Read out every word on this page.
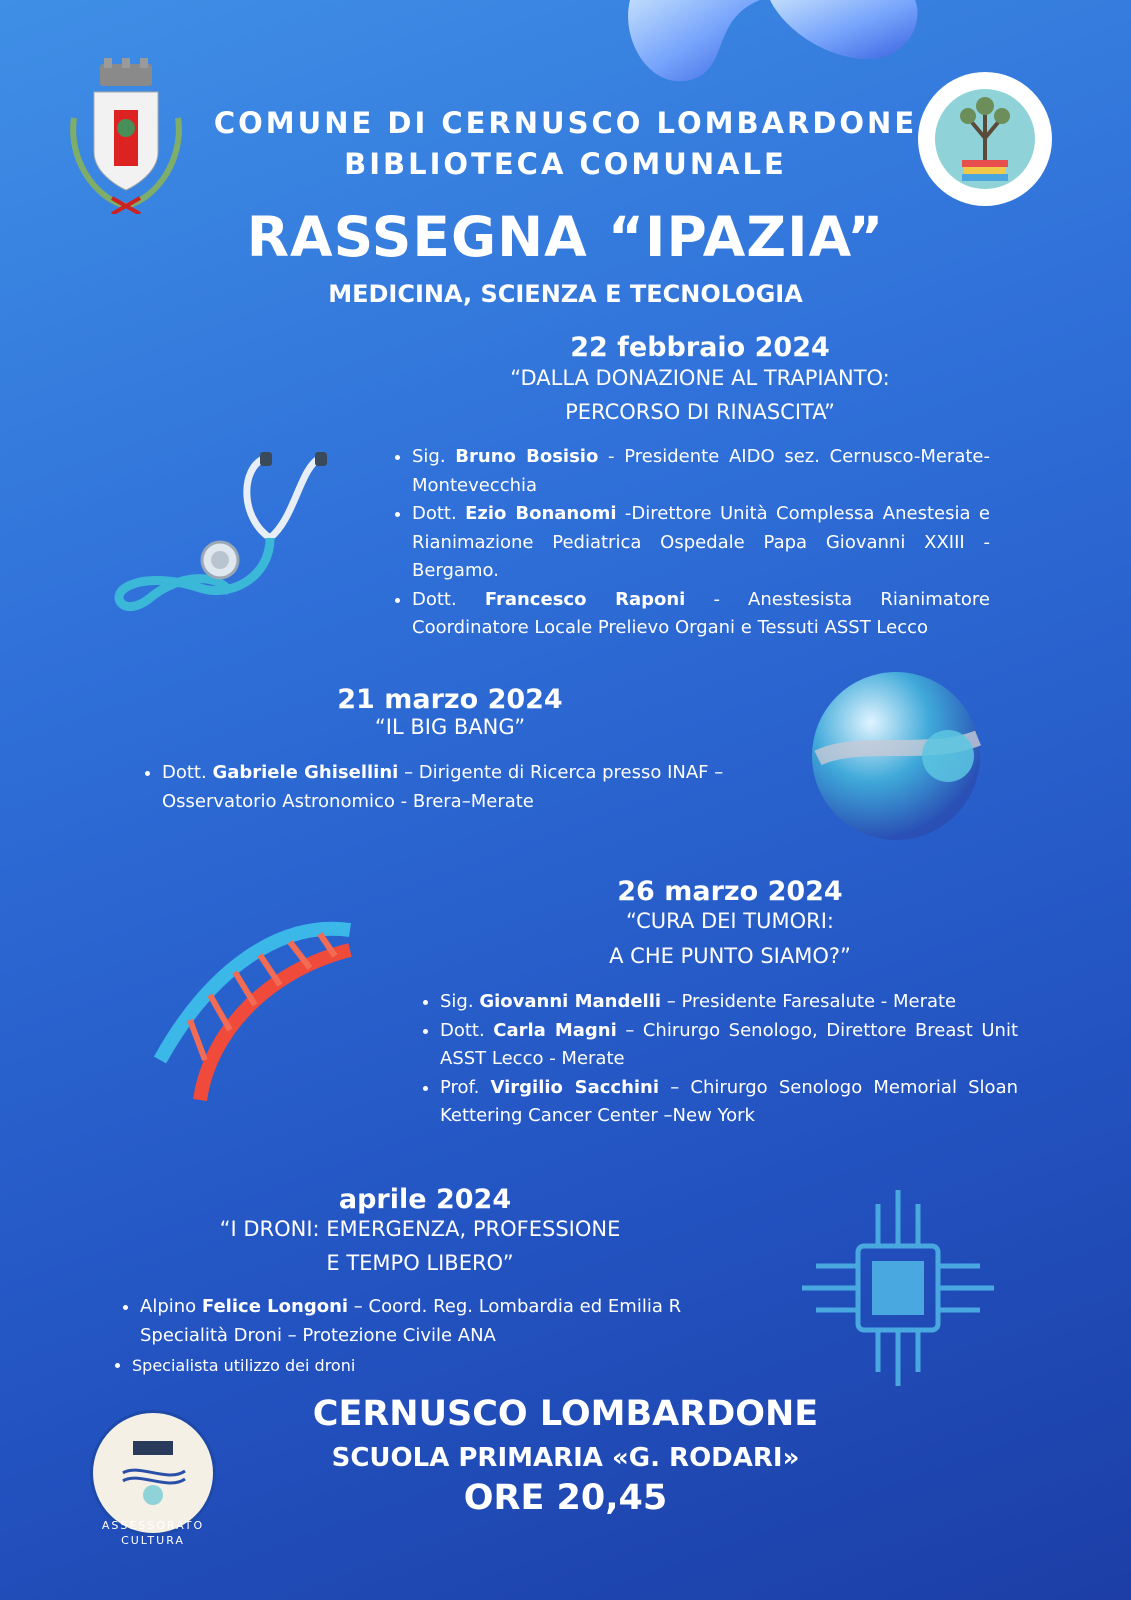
COMUNE DI CERNUSCO LOMBARDONE
BIBLIOTECA COMUNALE
RASSEGNA “IPAZIA”
MEDICINA, SCIENZA E TECNOLOGIA
22 febbraio 2024
“DALLA DONAZIONE AL TRAPIANTO:
PERCORSO DI RINASCITA”
• Sig. Bruno Bosisio - Presidente AIDO sez. Cernusco-Merate-Montevecchia
• Dott. Ezio Bonanomi -Direttore Unità Complessa Anestesia e Rianimazione Pediatrica Ospedale Papa Giovanni XXIII - Bergamo.
• Dott. Francesco Raponi - Anestesista Rianimatore Coordinatore Locale Prelievo Organi e Tessuti ASST Lecco
21 marzo 2024
“IL BIG BANG”
• Dott. Gabriele Ghisellini – Dirigente di Ricerca presso INAF – Osservatorio Astronomico - Brera–Merate
26 marzo 2024
“CURA DEI TUMORI:
A CHE PUNTO SIAMO?”
• Sig. Giovanni Mandelli – Presidente Faresalute - Merate
• Dott. Carla Magni – Chirurgo Senologo, Direttore Breast Unit ASST Lecco - Merate
• Prof. Virgilio Sacchini – Chirurgo Senologo Memorial Sloan Kettering Cancer Center –New York
aprile 2024
“I DRONI: EMERGENZA, PROFESSIONE
E TEMPO LIBERO”
• Alpino Felice Longoni – Coord. Reg. Lombardia ed Emilia R Specialità Droni – Protezione Civile ANA
• Specialista utilizzo dei droni
CERNUSCO LOMBARDONE
SCUOLA PRIMARIA «G. RODARI»
ORE 20,45
ASSESSORATO
CULTURA
